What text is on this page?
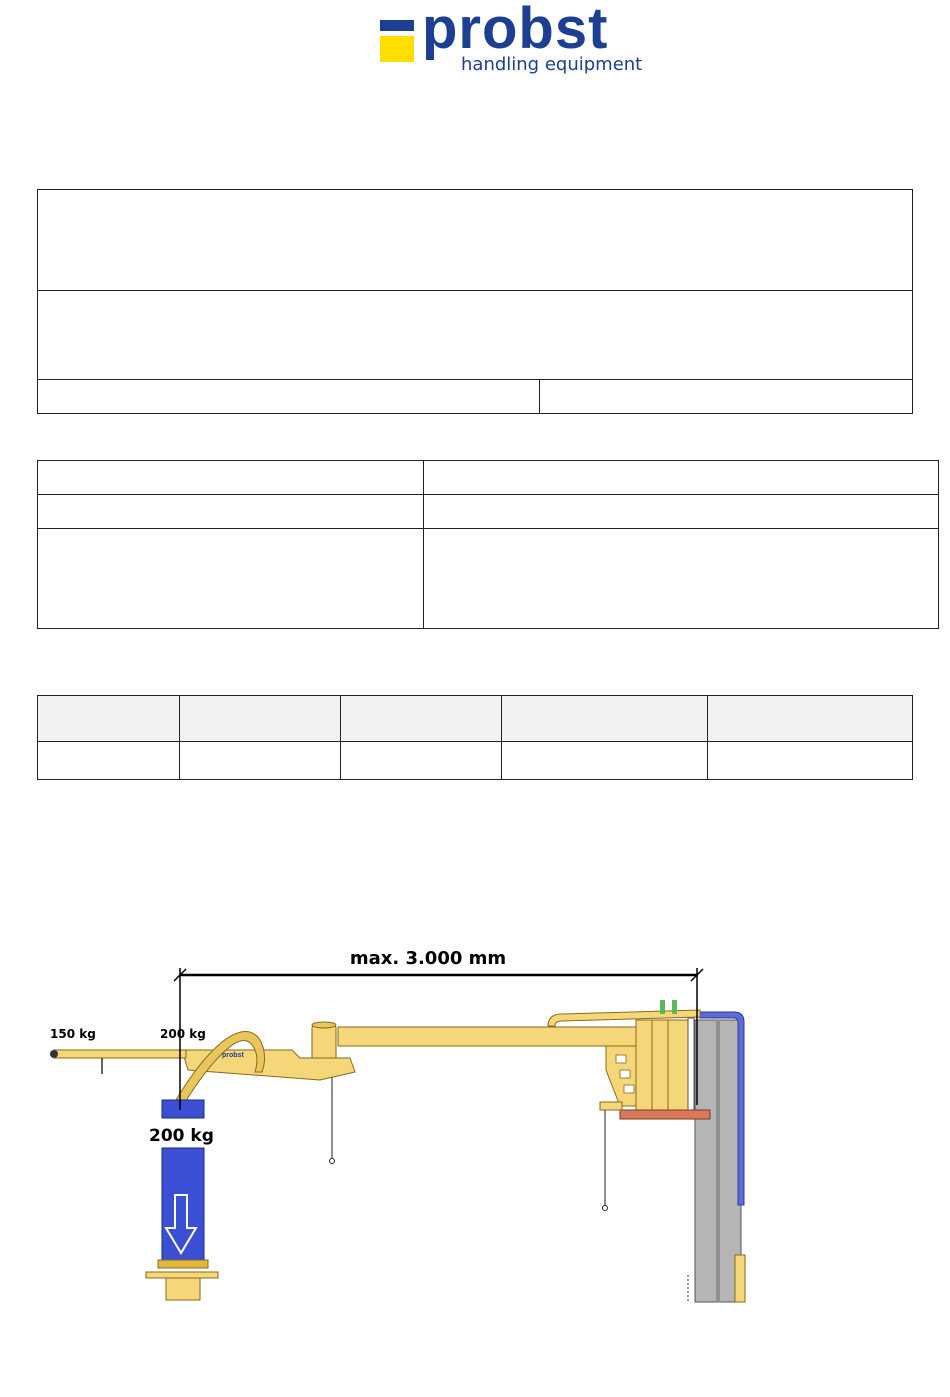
probst
handling equipment

max. 3.000 mm
150 kg	200 kg
200 kg
probst
